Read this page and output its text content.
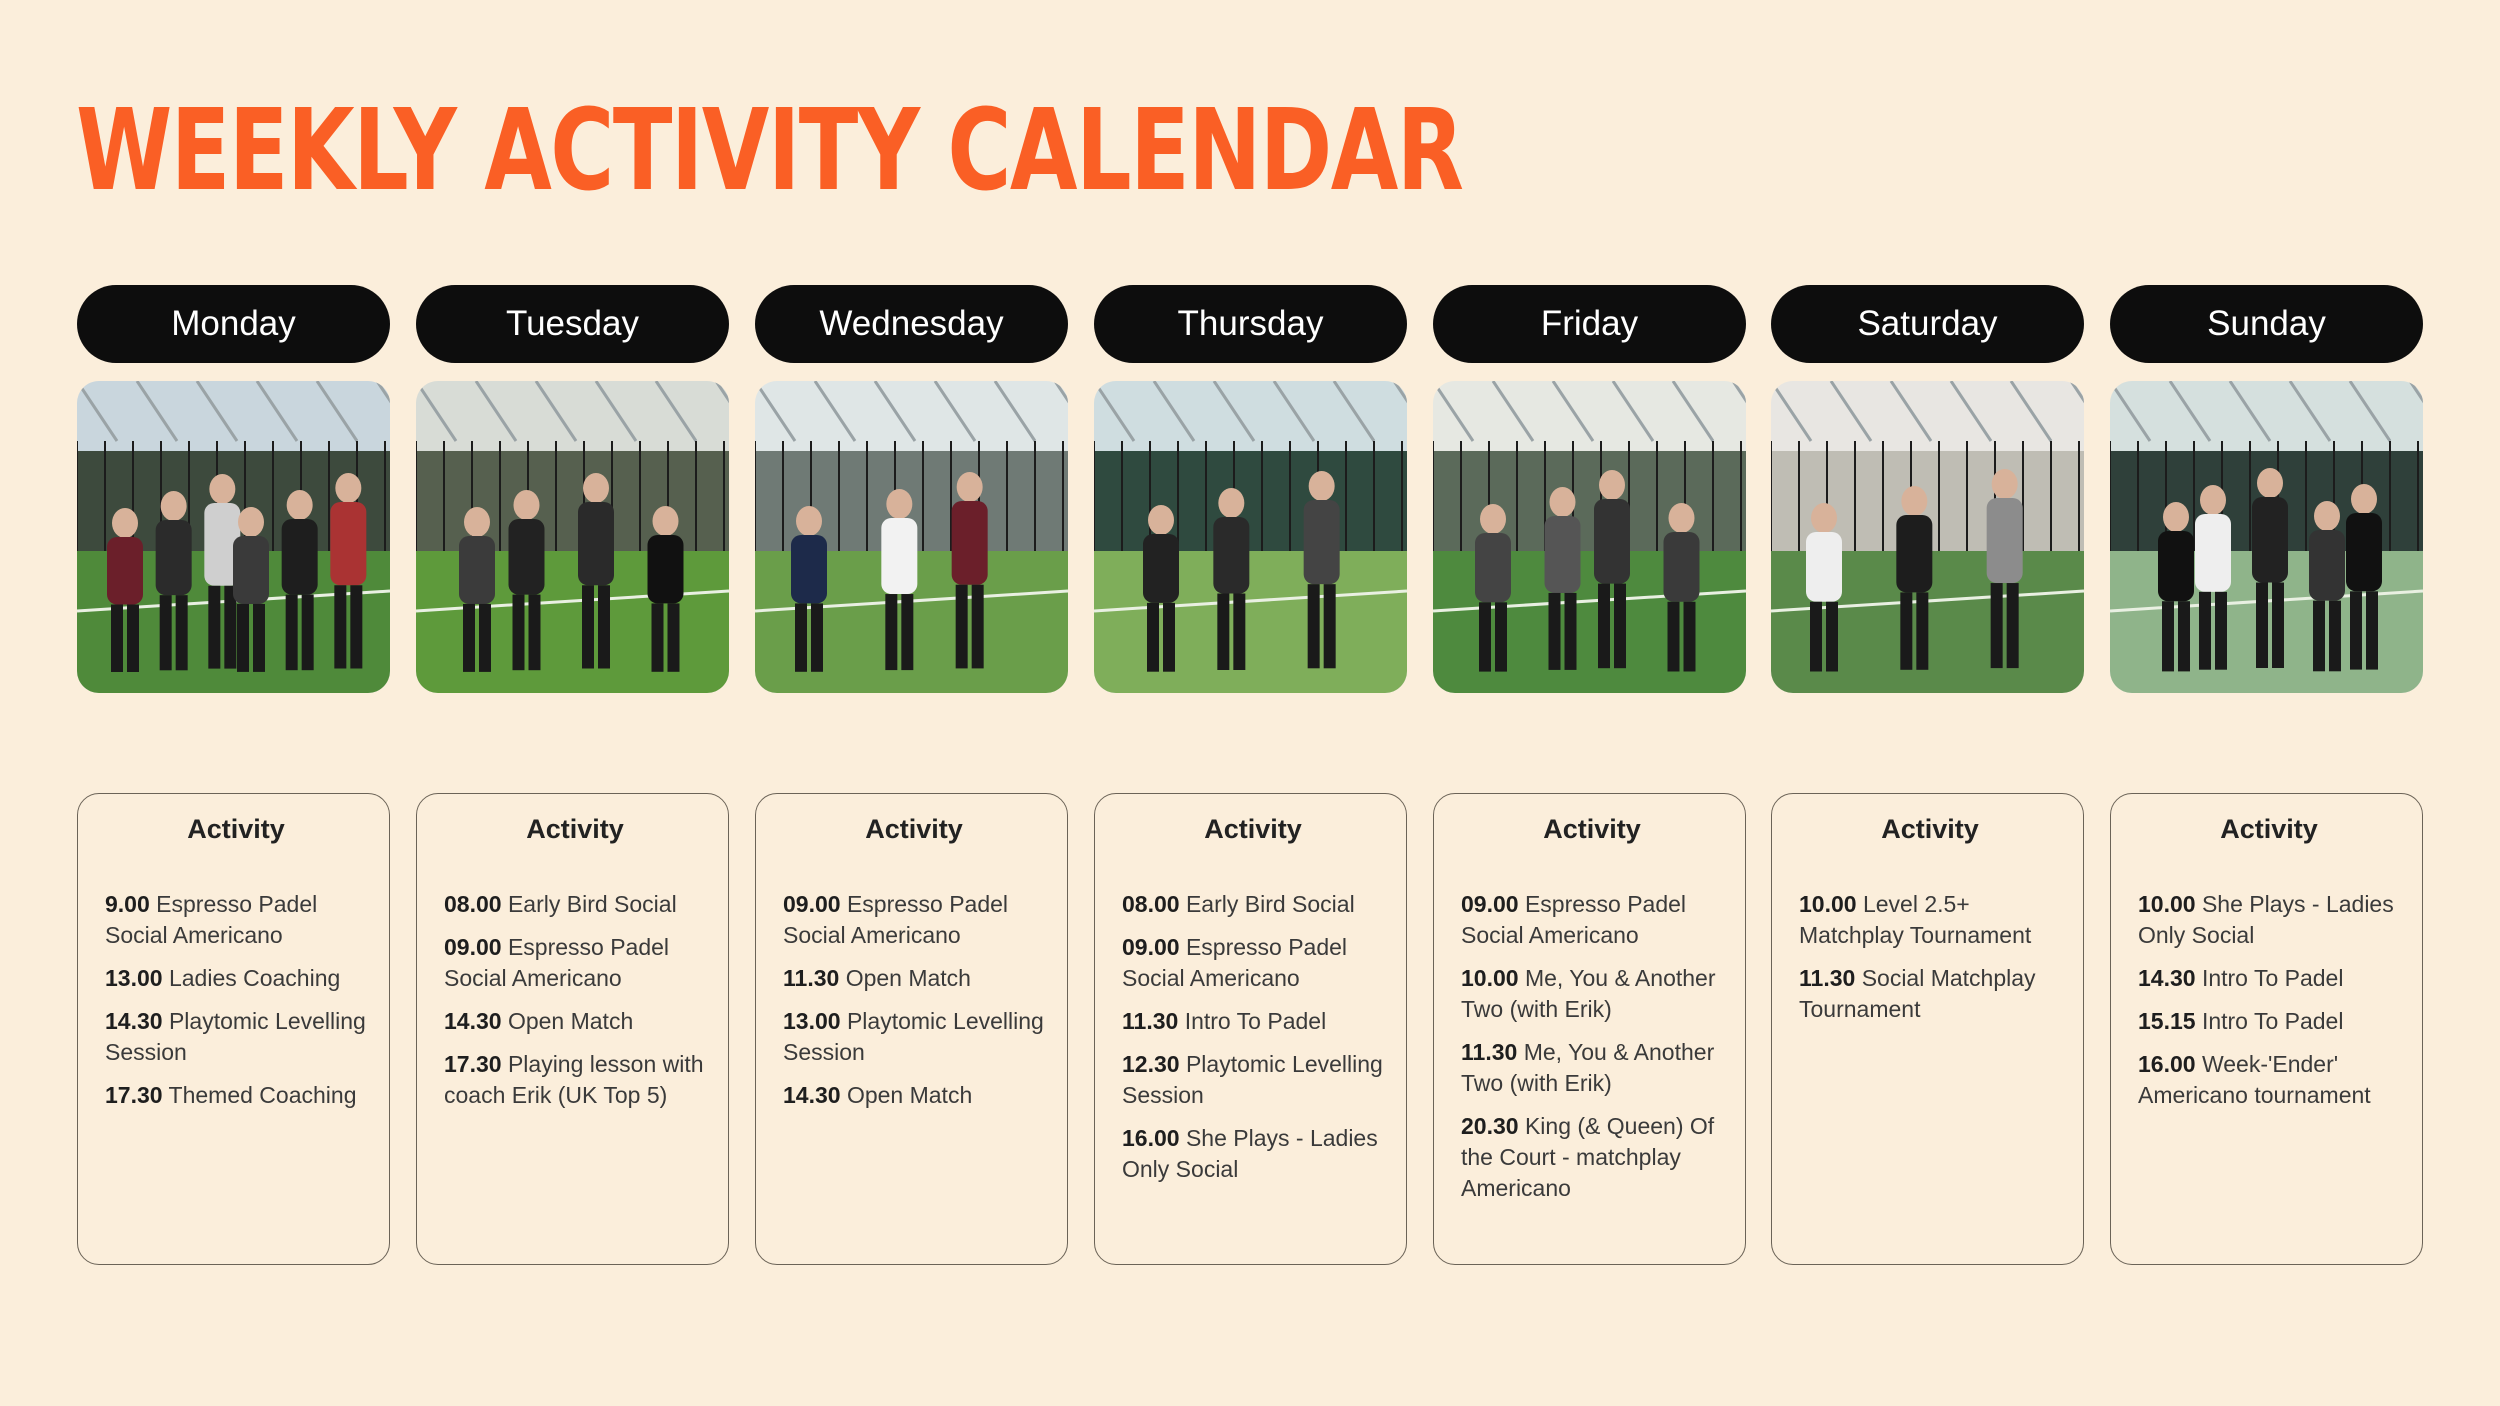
WEEKLY ACTIVITY CALENDAR
Monday
Activity
9.00 Espresso Padel Social Americano
13.00 Ladies Coaching
14.30 Playtomic Levelling Session
17.30 Themed Coaching
Tuesday
Activity
08.00 Early Bird Social
09.00 Espresso Padel Social Americano
14.30 Open Match
17.30 Playing lesson with coach Erik (UK Top 5)
Wednesday
Activity
09.00 Espresso Padel Social Americano
11.30 Open Match
13.00 Playtomic Levelling Session
14.30 Open Match
Thursday
Activity
08.00 Early Bird Social
09.00 Espresso Padel Social Americano
11.30 Intro To Padel
12.30 Playtomic Levelling Session
16.00 She Plays - Ladies Only Social
Friday
Activity
09.00 Espresso Padel Social Americano
10.00 Me, You & Another Two (with Erik)
11.30 Me, You & Another Two (with Erik)
20.30 King (& Queen) Of the Court - matchplay Americano
Saturday
Activity
10.00 Level 2.5+ Matchplay Tournament
11.30 Social Matchplay Tournament
Sunday
Activity
10.00 She Plays - Ladies Only Social
14.30 Intro To Padel
15.15 Intro To Padel
16.00 Week-'Ender' Americano tournament
